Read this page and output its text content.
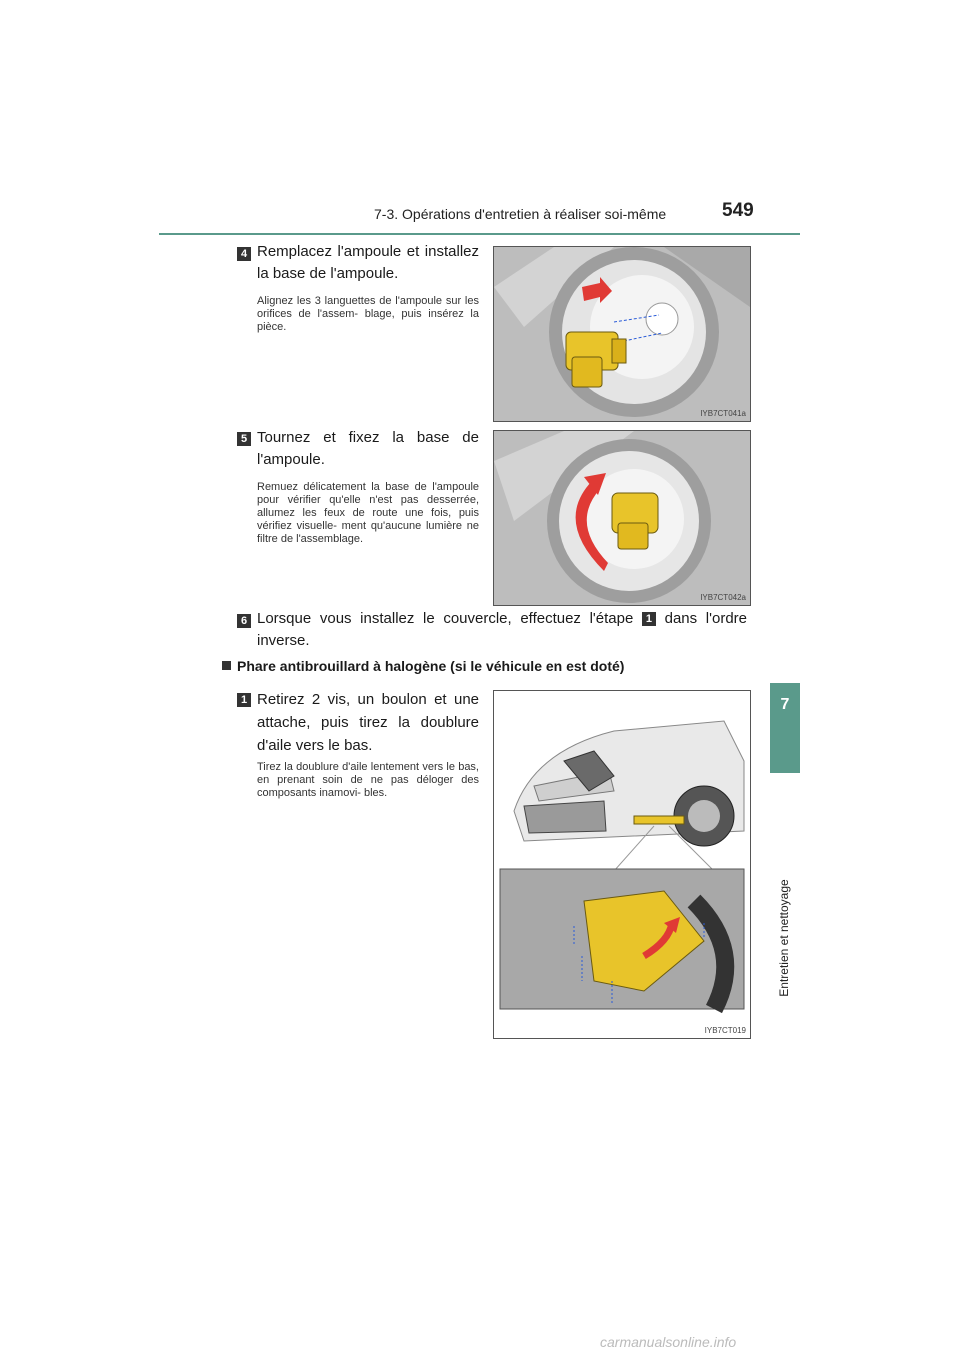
7-3. Opérations d'entretien à réaliser soi-même	549
7
Entretien et nettoyage
4 Remplacez l'ampoule et installez la base de l'ampoule.
Alignez les 3 languettes de l'ampoule sur les orifices de l'assem- blage, puis insérez la pièce.
IYB7CT041a
5 Tournez et fixez la base de l'ampoule.
Remuez délicatement la base de l'ampoule pour vérifier qu'elle n'est pas desserrée, allumez les feux de route une fois, puis vérifiez visuelle- ment qu'aucune lumière ne filtre de l'assemblage.
IYB7CT042a
6 Lorsque vous installez le couvercle, effectuez l'étape 1 dans l'ordre inverse.
Phare antibrouillard à halogène (si le véhicule en est doté)
1 Retirez 2 vis, un boulon et une attache, puis tirez la doublure d'aile vers le bas.
Tirez la doublure d'aile lentement vers le bas, en prenant soin de ne pas déloger des composants inamovi- bles.
IYB7CT019
carmanualsonline.info
